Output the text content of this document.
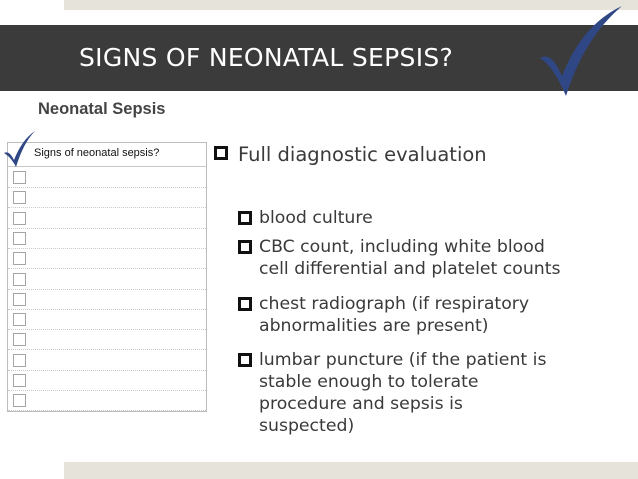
SIGNS OF NEONATAL SEPSIS?
Neonatal Sepsis
Signs of neonatal sepsis?	Full diagnostic evaluation
blood culture
CBC count, including white blood
cell differential and platelet counts
chest radiograph (if respiratory
abnormalities are present)
lumbar puncture (if the patient is
stable enough to tolerate
procedure and sepsis is
suspected)
